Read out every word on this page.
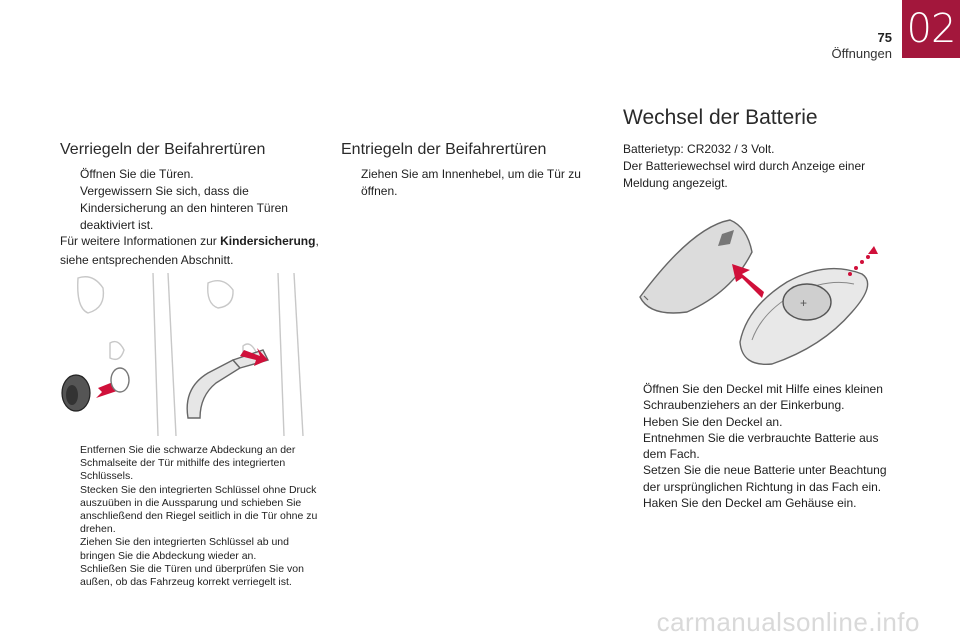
75
Öffnungen
02
Verriegeln der Beifahrertüren
Öffnen Sie die Türen.
Vergewissern Sie sich, dass die Kindersicherung an den hinteren Türen deaktiviert ist.
Für weitere Informationen zur Kindersicherung, siehe entsprechenden Abschnitt.
Entfernen Sie die schwarze Abdeckung an der Schmalseite der Tür mithilfe des integrierten Schlüssels.
Stecken Sie den integrierten Schlüssel ohne Druck auszuüben in die Aussparung und schieben Sie anschließend den Riegel seitlich in die Tür ohne zu drehen.
Ziehen Sie den integrierten Schlüssel ab und bringen Sie die Abdeckung wieder an.
Schließen Sie die Türen und überprüfen Sie von außen, ob das Fahrzeug korrekt verriegelt ist.
Entriegeln der Beifahrertüren
Ziehen Sie am Innenhebel, um die Tür zu öffnen.
Wechsel der Batterie
Batterietyp: CR2032 / 3 Volt.
Der Batteriewechsel wird durch Anzeige einer Meldung angezeigt.
+
Öffnen Sie den Deckel mit Hilfe eines kleinen Schraubenziehers an der Einkerbung.
Heben Sie den Deckel an.
Entnehmen Sie die verbrauchte Batterie aus dem Fach.
Setzen Sie die neue Batterie unter Beachtung der ursprünglichen Richtung in das Fach ein.
Haken Sie den Deckel am Gehäuse ein.
carmanualsonline.info
